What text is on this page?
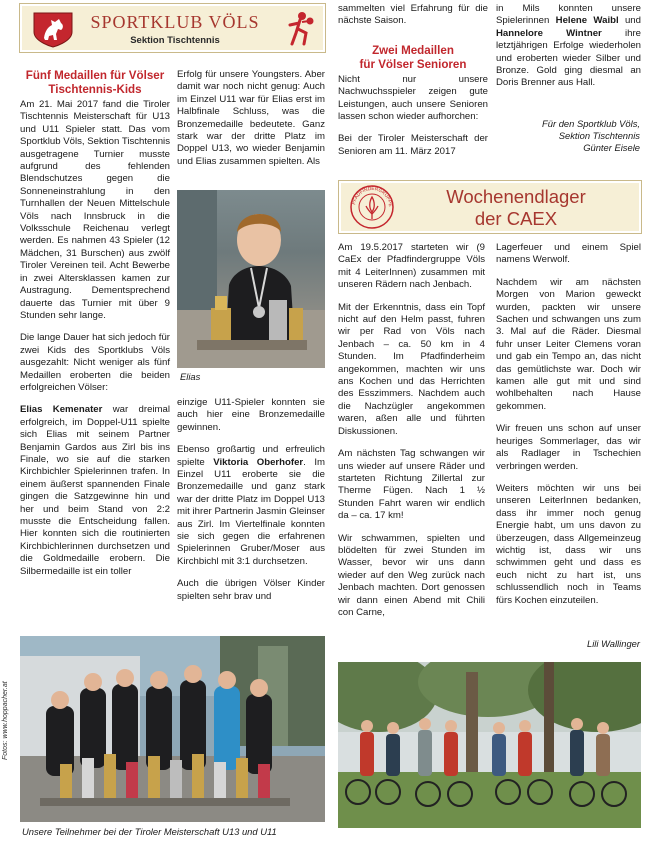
SPORTKLUB VÖLS
Sektion Tischtennis
Fünf Medaillen für Völser
Tischtennis-Kids

Am 21. Mai 2017 fand die Tiroler Tischtennis Meisterschaft für U13 und U11 Spieler statt. Das vom Sportklub Völs, Sektion Tischtennis ausgetragene Turnier musste aufgrund des fehlenden Blendschutzes gegen die Sonneneinstrahlung in den Turnhallen der Neuen Mittelschule Völs nach Innsbruck in die Volksschule Reichenau verlegt werden. Es nahmen 43 Spieler (12 Mädchen, 31 Burschen) aus zwölf Tiroler Vereinen teil. Acht Bewerbe in zwei Altersklassen kamen zur Austragung. Dementsprechend dauerte das Turnier mit über 9 Stunden sehr lange.

Die lange Dauer hat sich jedoch für zwei Kids des Sportklubs Völs ausgezahlt: Nicht weniger als fünf Medaillen eroberten die beiden erfolgreichen Völser:

Elias Kemenater war dreimal erfolgreich, im Doppel-U11 spielte sich Elias mit seinem Partner Benjamin Gardos aus Zirl bis ins Finale, wo sie auf die starken Kirchbichler Spielerinnen trafen. In einem äußerst spannenden Finale gingen die Satzgewinne hin und her und beim Stand von 2:2 musste die Entscheidung fallen. Hier konnten sich die routinierten Kirchbichlerinnen durchsetzen und die Goldmedaille erobern. Die Silbermedaille ist ein toller

Erfolg für unsere Youngsters. Aber damit war noch nicht genug: Auch im Einzel U11 war für Elias erst im Halbfinale Schluss, was die Bronzemedaille bedeutete. Ganz stark war der dritte Platz im Doppel U13, wo wieder Benjamin und Elias zusammen spielten. Als

Elias

einzige U11-Spieler konnten sie auch hier eine Bronzemedaille gewinnen.

Ebenso großartig und erfreulich spielte Viktoria Oberhofer. Im Einzel U11 eroberte sie die Bronzemedaille und ganz stark war der dritte Platz im Doppel U13 mit ihrer Partnerin Jasmin Gleinser aus Zirl. Im Viertelfinale konnten sie sich gegen die erfahrenen Spielerinnen Gruber/Moser aus Kirchbichl mit 3:1 durchsetzen.

Auch die übrigen Völser Kinder spielten sehr brav und

sammelten viel Erfahrung für die nächste Saison.

Zwei Medaillen
für Völser Senioren

Nicht nur unsere Nachwuchsspieler zeigen gute Leistungen, auch unsere Senioren lassen schon wieder aufhorchen:

Bei der Tiroler Meisterschaft der Senioren am 11. März 2017

in Mils konnten unsere Spielerinnen Helene Waibl und Hannelore Wintner ihre letztjährigen Erfolge wiederholen und eroberten wieder Silber und Bronze. Gold ging diesmal an Doris Brenner aus Hall.

Für den Sportklub Völs,
Sektion Tischtennis
Günter Eisele
Fotos: www.hoppacher.at
Unsere Teilnehmer bei der Tiroler Meisterschaft U13 und U11
PFADFINDERGRUPPE	Wochenendlager
der CAEX

Am 19.5.2017 starteten wir (9 CaEx der Pfadfindergruppe Völs mit 4 LeiterInnen) zusammen mit unseren Rädern nach Jenbach.

Mit der Erkenntnis, dass ein Topf nicht auf den Helm passt, fuhren wir per Rad von Völs nach Jenbach – ca. 50 km in 4 Stunden. Im Pfadfinderheim angekommen, machten wir uns ans Kochen und das Herrichten des Esszimmers. Nachdem auch die Nachzügler angekommen waren, aßen alle und führten Diskussionen.

Am nächsten Tag schwangen wir uns wieder auf unsere Räder und starteten Richtung Zillertal zur Therme Fügen. Nach 1 ½ Stunden Fahrt waren wir endlich da – ca. 17 km!

Wir schwammen, spielten und blödelten für zwei Stunden im Wasser, bevor wir uns dann wieder auf den Weg zurück nach Jenbach machten. Dort genossen wir dann einen Abend mit Chili con Carne,

Lagerfeuer und einem Spiel namens Werwolf.

Nachdem wir am nächsten Morgen von Marion geweckt wurden, packten wir unsere Sachen und schwangen uns zum 3. Mal auf die Räder. Diesmal fuhr unser Leiter Clemens voran und gab ein Tempo an, das nicht das gemütlichste war. Doch wir kamen alle gut mit und sind wohlbehalten nach Hause gekommen.

Wir freuen uns schon auf unser heuriges Sommerlager, das wir als Radlager in Tschechien verbringen werden.

Weiters möchten wir uns bei unseren LeiterInnen bedanken, dass ihr immer noch genug Energie habt, um uns davon zu überzeugen, dass Allgemeinzeug wichtig ist, dass wir uns schwimmen geht und dass es euch nicht zu hart ist, uns schlussendlich noch in Teams fürs Kochen einzuteilen.

Lili Wallinger
